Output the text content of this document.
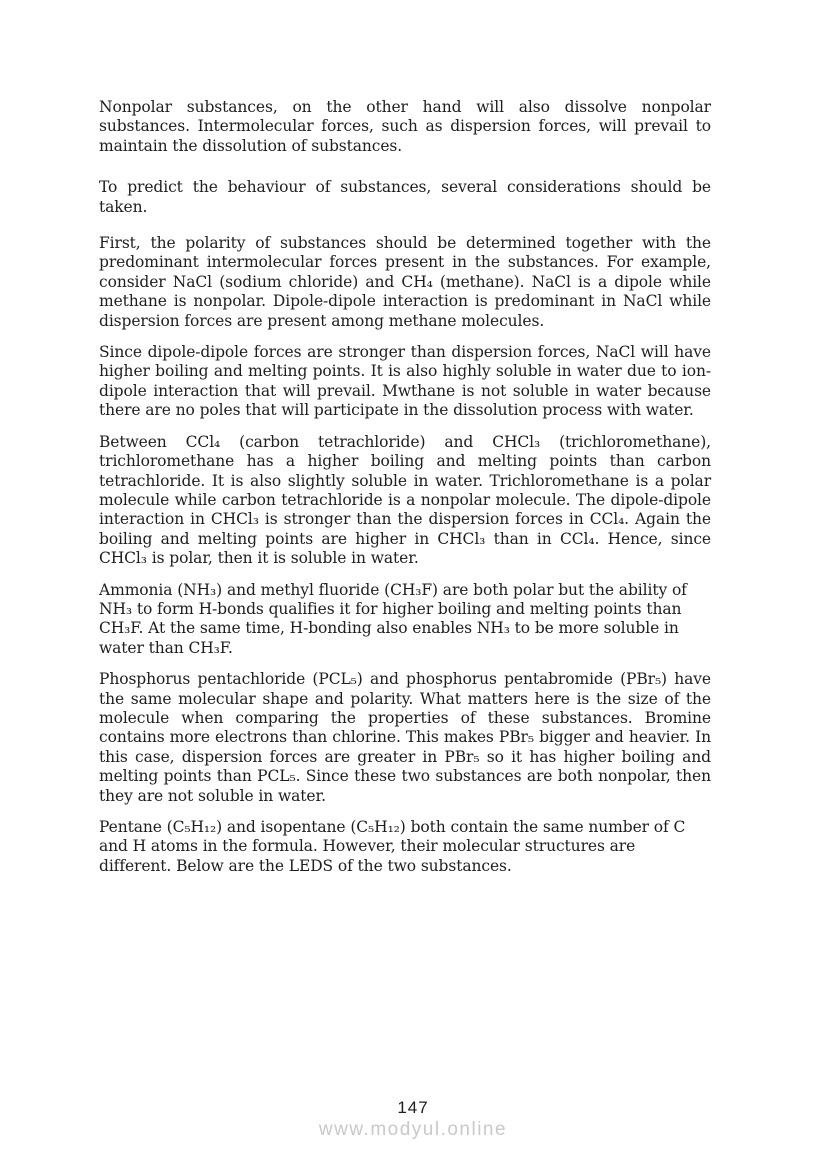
Nonpolar substances, on the other hand will also dissolve nonpolar substances. Intermolecular forces, such as dispersion forces, will prevail to maintain the dissolution of substances.

To predict the behaviour of substances, several considerations should be taken.

First, the polarity of substances should be determined together with the predominant intermolecular forces present in the substances. For example, consider NaCl (sodium chloride) and CH₄ (methane). NaCl is a dipole while methane is nonpolar. Dipole-dipole interaction is predominant in NaCl while dispersion forces are present among methane molecules.

Since dipole-dipole forces are stronger than dispersion forces, NaCl will have higher boiling and melting points. It is also highly soluble in water due to ion-dipole interaction that will prevail. Mwthane is not soluble in water because there are no poles that will participate in the dissolution process with water.

Between CCl₄ (carbon tetrachloride) and CHCl₃ (trichloromethane), trichloromethane has a higher boiling and melting points than carbon tetrachloride. It is also slightly soluble in water. Trichloromethane is a polar molecule while carbon tetrachloride is a nonpolar molecule. The dipole-dipole interaction in CHCl₃ is stronger than the dispersion forces in CCl₄. Again the boiling and melting points are higher in CHCl₃ than in CCl₄. Hence, since CHCl₃ is polar, then it is soluble in water.

Ammonia (NH₃) and methyl fluoride (CH₃F) are both polar but the ability of NH₃ to form H-bonds qualifies it for higher boiling and melting points than CH₃F. At the same time, H-bonding also enables NH₃ to be more soluble in water than CH₃F.

Phosphorus pentachloride (PCL₅) and phosphorus pentabromide (PBr₅) have the same molecular shape and polarity. What matters here is the size of the molecule when comparing the properties of these substances. Bromine contains more electrons than chlorine. This makes PBr₅ bigger and heavier. In this case, dispersion forces are greater in PBr₅ so it has higher boiling and melting points than PCL₅. Since these two substances are both nonpolar, then they are not soluble in water.

Pentane (C₅H₁₂) and isopentane (C₅H₁₂) both contain the same number of C and H atoms in the formula. However, their molecular structures are different. Below are the LEDS of the two substances.

147
www.modyul.online
